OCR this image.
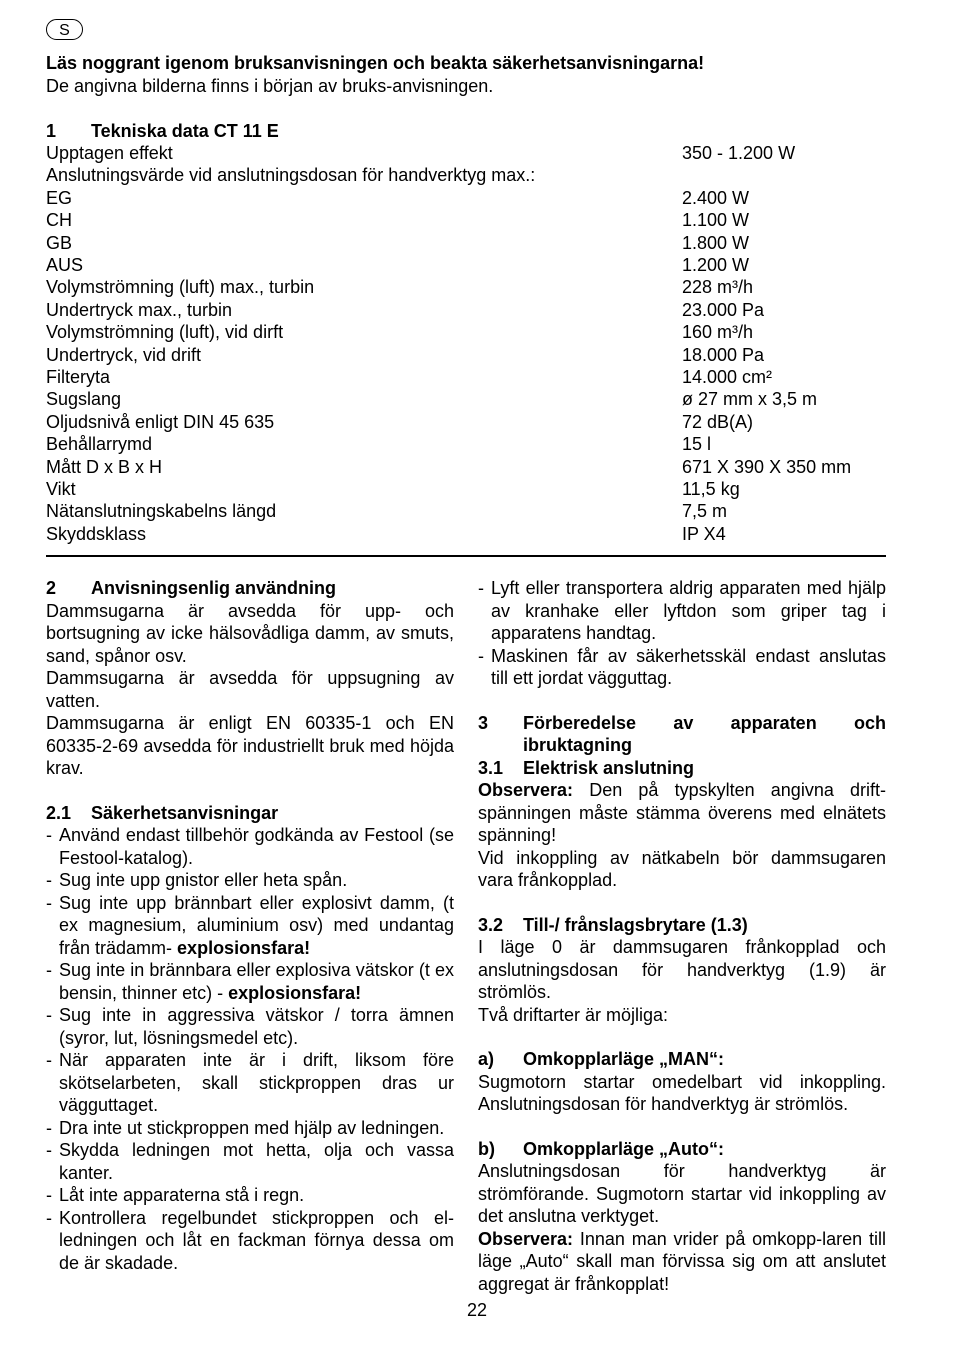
S
Läs noggrant igenom bruksanvisningen och beakta säkerhetsanvisningarna!
De angivna bilderna finns i början av bruks-anvisningen.
1 Tekniska data CT 11 E
Upptagen effekt	350 - 1.200 W
Anslutningsvärde vid anslutningsdosan för handverktyg max.:
EG	2.400 W
CH	1.100 W
GB	1.800 W
AUS	1.200 W
Volymströmning (luft) max., turbin	228 m³/h
Undertryck max., turbin	23.000 Pa
Volymströmning (luft), vid dirft	160 m³/h
Undertryck, vid drift	18.000 Pa
Filteryta	14.000 cm²
Sugslang	ø 27 mm x 3,5 m
Oljudsnivå enligt DIN 45 635	72 dB(A)
Behållarrymd	15 l
Mått D x B x H	671 X 390 X 350 mm
Vikt	11,5 kg
Nätanslutningskabelns längd	7,5 m
Skyddsklass	IP X4
2 Anvisningsenlig användning
Dammsugarna är avsedda för upp- och bortsugning av icke hälsovådliga damm, av smuts, sand, spånor osv.
Dammsugarna är avsedda för uppsugning av vatten.
Dammsugarna är enligt EN 60335-1 och EN 60335-2-69 avsedda för industriellt bruk med höjda krav.
2.1 Säkerhetsanvisningar
- Använd endast tillbehör godkända av Festool (se Festool-katalog).
- Sug inte upp gnistor eller heta spån.
- Sug inte upp brännbart eller explosivt damm, (t ex magnesium, aluminium osv) med undantag från trädamm- explosionsfara!
- Sug inte in brännbara eller explosiva vätskor (t ex bensin, thinner etc) - explosionsfara!
- Sug inte in aggressiva vätskor / torra ämnen (syror, lut, lösningsmedel etc).
- När apparaten inte är i drift, liksom före skötselarbeten, skall stickproppen dras ur vägguttaget.
- Dra inte ut stickproppen med hjälp av ledningen.
- Skydda ledningen mot hetta, olja och vassa kanter.
- Låt inte apparaterna stå i regn.
- Kontrollera regelbundet stickproppen och el-ledningen och låt en fackman förnya dessa om de är skadade.
- Lyft eller transportera aldrig apparaten med hjälp av kranhake eller lyftdon som griper tag i apparatens handtag.
- Maskinen får av säkerhetsskäl endast anslutas till ett jordat vägguttag.
3	Förberedelse av apparaten och
ibruktagning
3.1 Elektrisk anslutning
Observera: Den på typskylten angivna drift-spänningen måste stämma överens med elnätets spänning!
Vid inkoppling av nätkabeln bör dammsugaren vara frånkopplad.
3.2 Till-/ frånslagsbrytare (1.3)
I läge 0 är dammsugaren frånkopplad och anslutningsdosan för handverktyg (1.9) är strömlös.
Två driftarter är möjliga:
a) Omkopplarläge „MAN“:
Sugmotorn startar omedelbart vid inkoppling. Anslutningsdosan för handverktyg är strömlös.
b) Omkopplarläge „Auto“:
Anslutningsdosan för handverktyg är strömförande. Sugmotorn startar vid inkoppling av det anslutna verktyget.
Observera: Innan man vrider på omkopp-laren till läge „Auto“ skall man förvissa sig om att anslutet aggregat är frånkopplat!
22
